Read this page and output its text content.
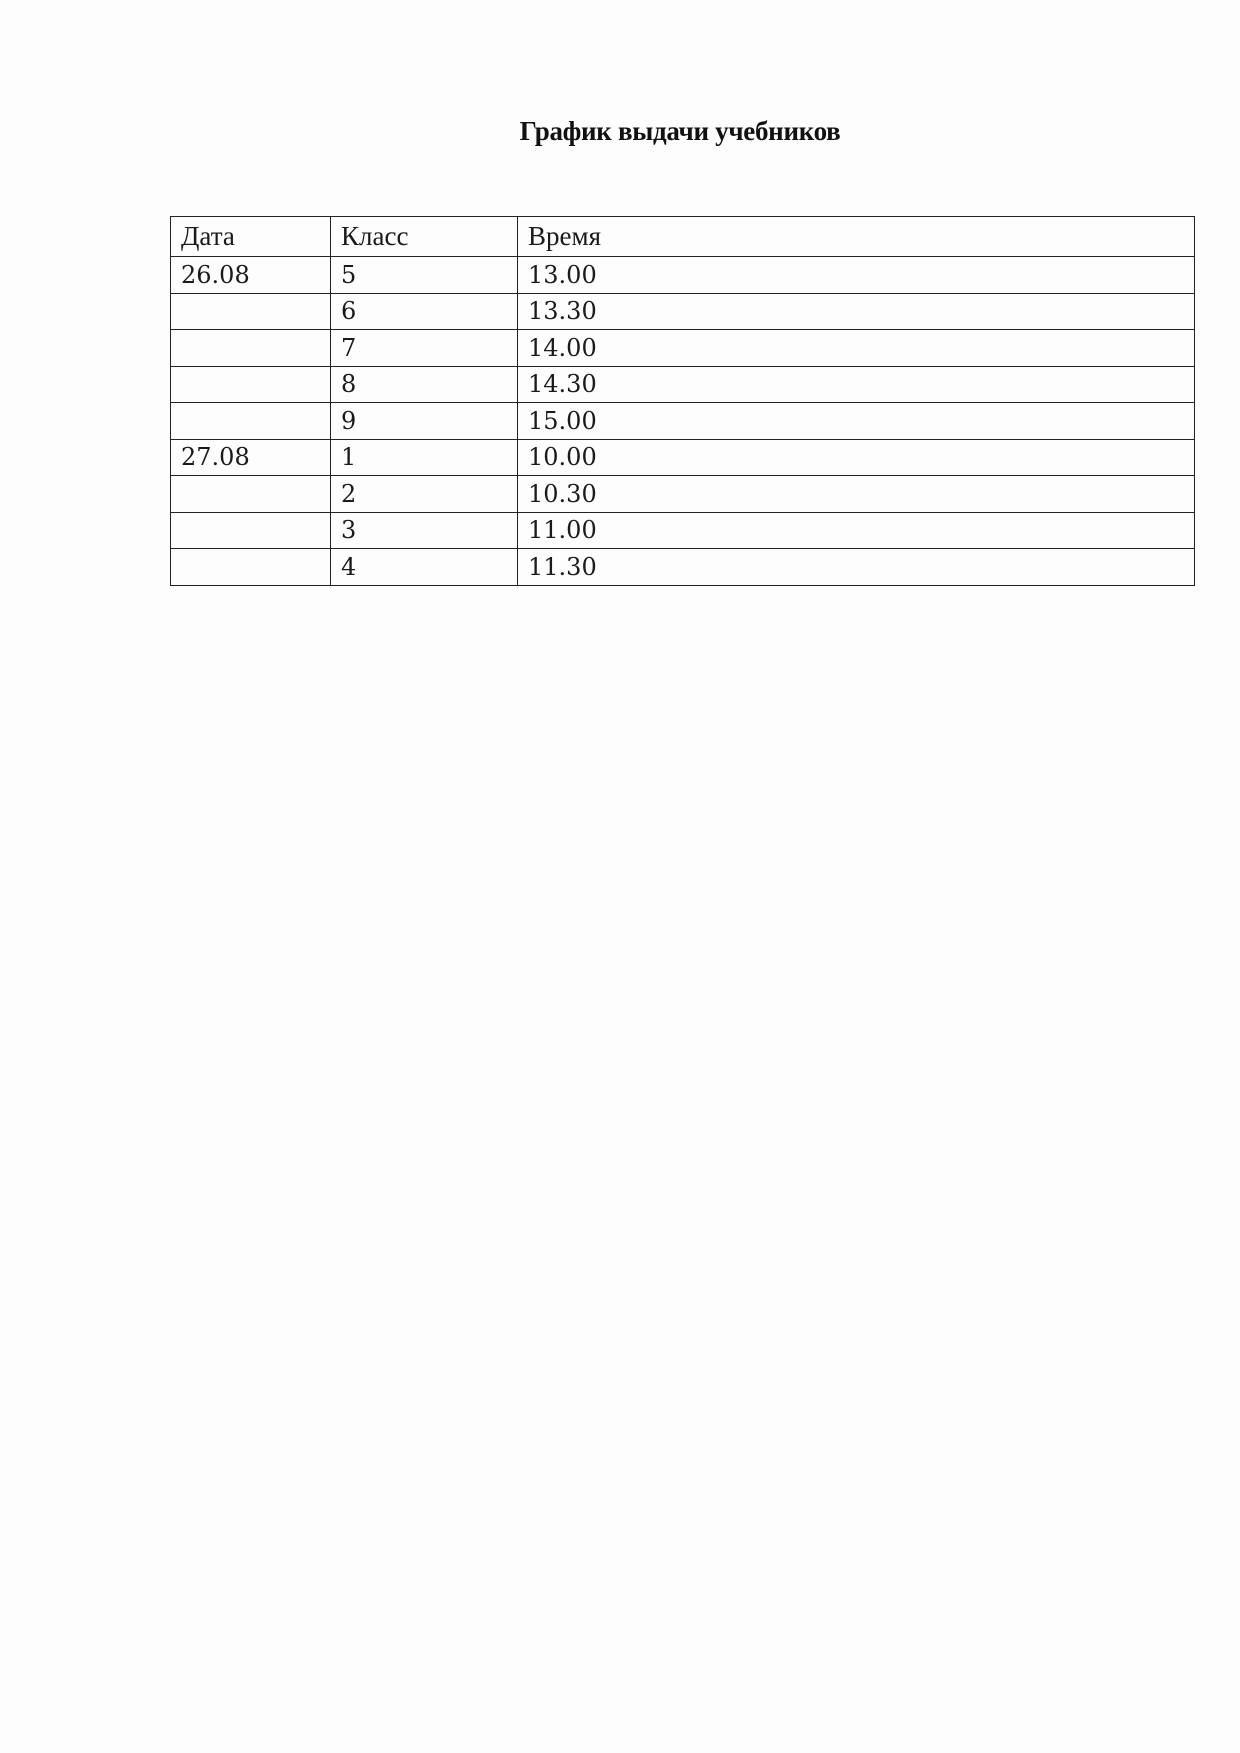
График выдачи учебников
Дата	Класс	Время
26.08	5	13.00
	6	13.30
	7	14.00
	8	14.30
	9	15.00
27.08	1	10.00
	2	10.30
	3	11.00
	4	11.30
